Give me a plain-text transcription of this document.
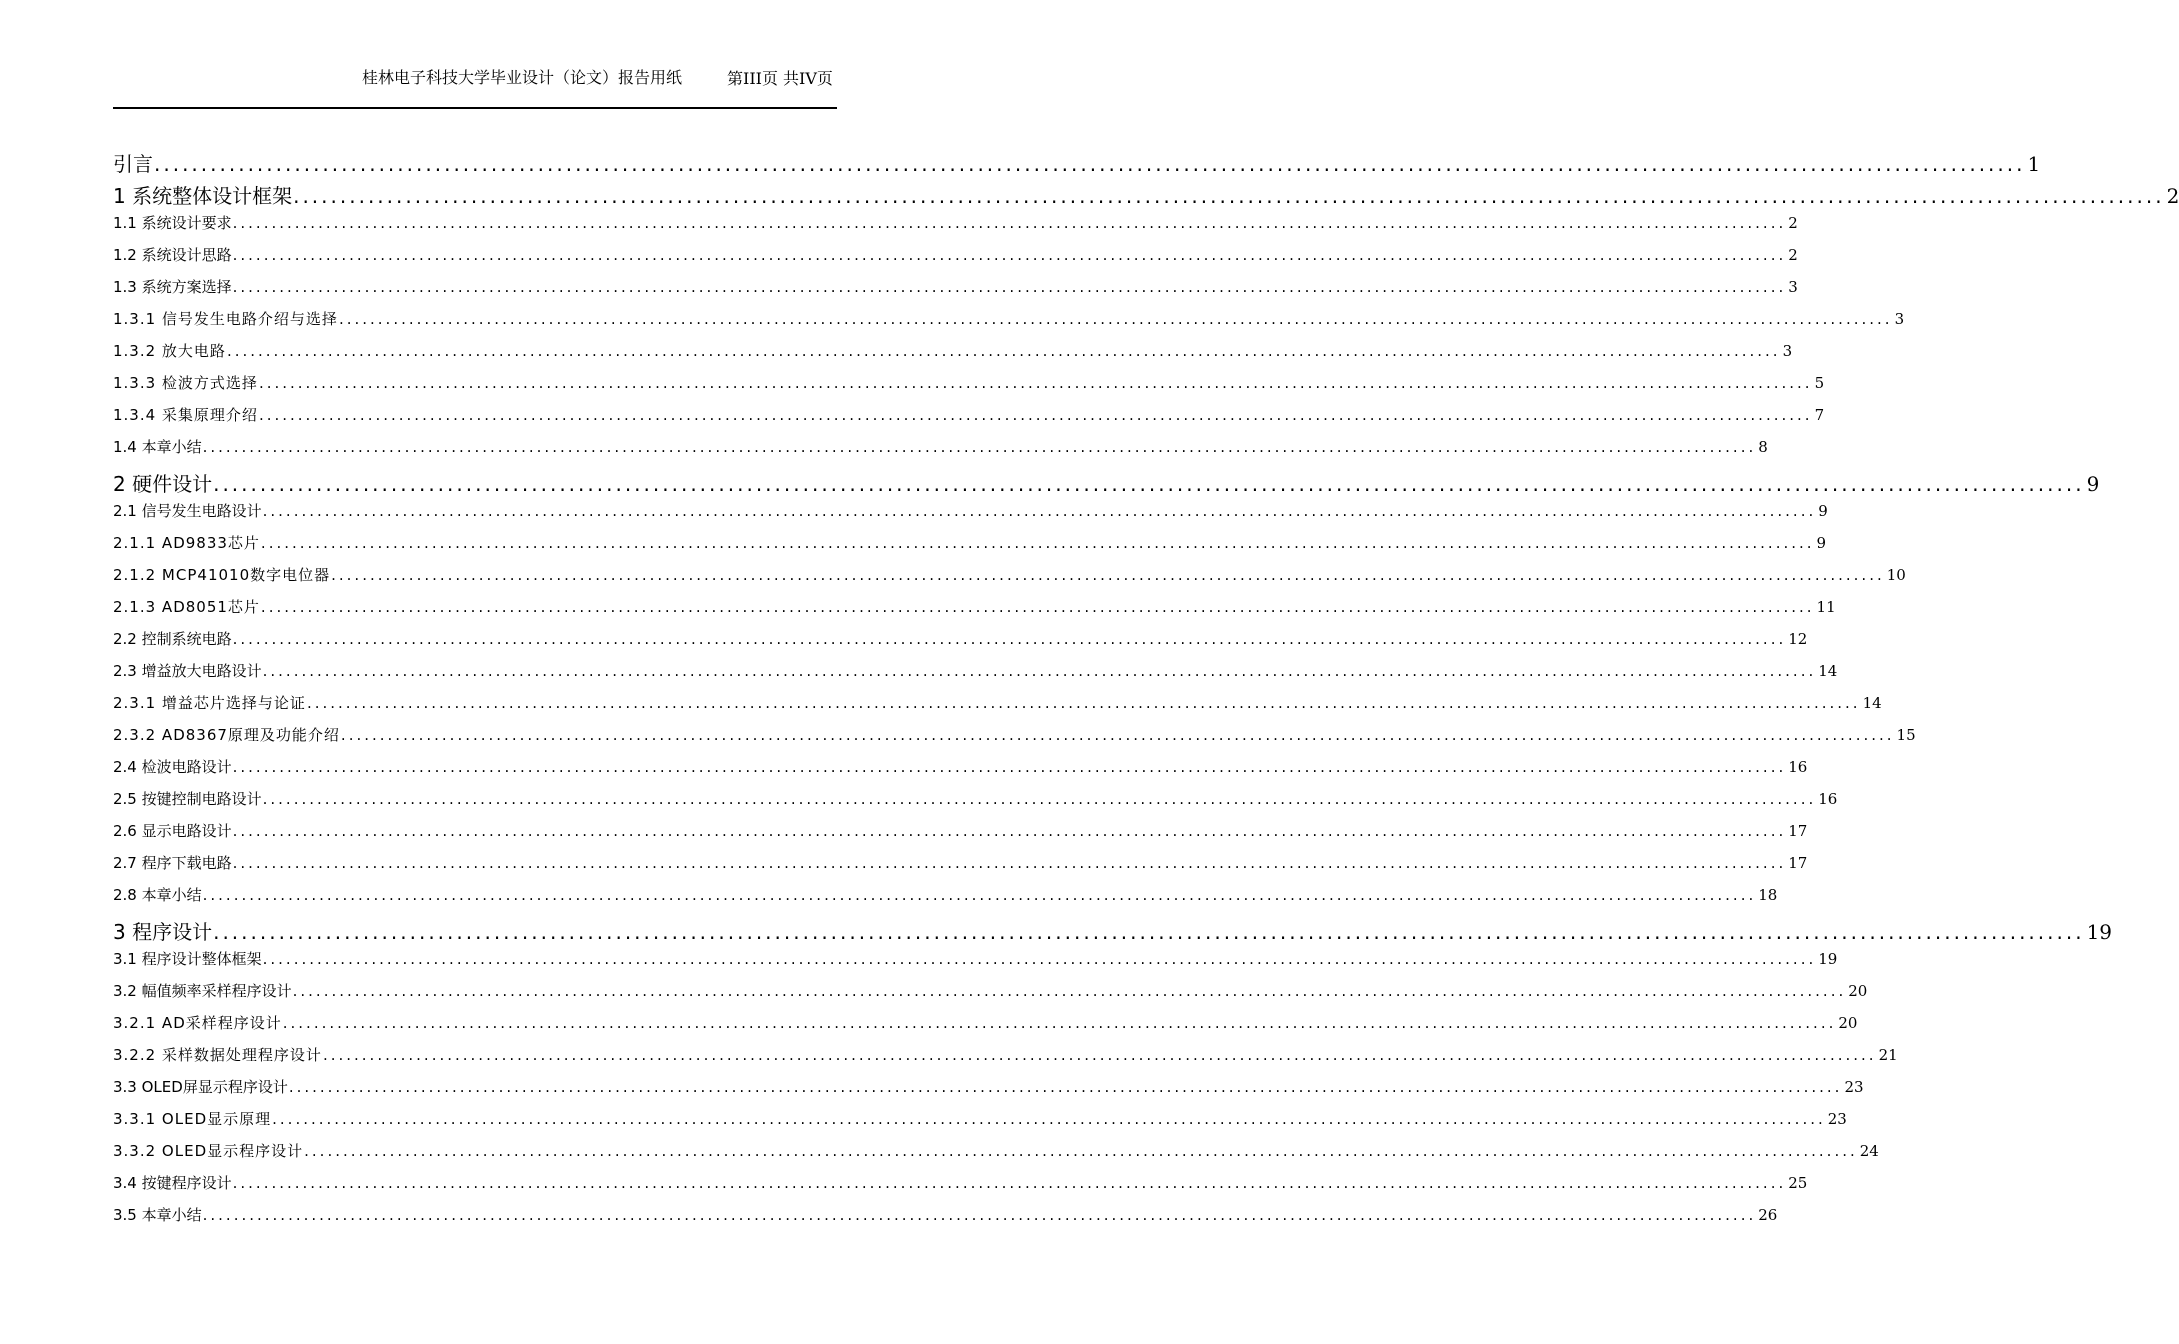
桂林电子科技大学毕业设计（论文）报告用纸	第III页 共IV页
引言 ........................................................................................................................................................................................................ 1
1 系统整体设计框架 ........................................................................................................................................................................................................ 2
1.1 系统设计要求 ........................................................................................................................................................................................................ 2
1.2 系统设计思路 ........................................................................................................................................................................................................ 2
1.3 系统方案选择 ........................................................................................................................................................................................................ 3
1.3.1 信号发生电路介绍与选择 ........................................................................................................................................................................................................ 3
1.3.2 放大电路 ........................................................................................................................................................................................................ 3
1.3.3 检波方式选择 ........................................................................................................................................................................................................ 5
1.3.4 采集原理介绍 ........................................................................................................................................................................................................ 7
1.4 本章小结 ........................................................................................................................................................................................................ 8
2 硬件设计 ........................................................................................................................................................................................................ 9
2.1 信号发生电路设计 ........................................................................................................................................................................................................ 9
2.1.1 AD9833芯片 ........................................................................................................................................................................................................ 9
2.1.2 MCP41010数字电位器 ........................................................................................................................................................................................................ 10
2.1.3 AD8051芯片 ........................................................................................................................................................................................................ 11
2.2 控制系统电路 ........................................................................................................................................................................................................ 12
2.3 增益放大电路设计 ........................................................................................................................................................................................................ 14
2.3.1 增益芯片选择与论证 ........................................................................................................................................................................................................ 14
2.3.2 AD8367原理及功能介绍 ........................................................................................................................................................................................................ 15
2.4 检波电路设计 ........................................................................................................................................................................................................ 16
2.5 按键控制电路设计 ........................................................................................................................................................................................................ 16
2.6 显示电路设计 ........................................................................................................................................................................................................ 17
2.7 程序下载电路 ........................................................................................................................................................................................................ 17
2.8 本章小结 ........................................................................................................................................................................................................ 18
3 程序设计 ........................................................................................................................................................................................................ 19
3.1 程序设计整体框架 ........................................................................................................................................................................................................ 19
3.2 幅值频率采样程序设计 ........................................................................................................................................................................................................ 20
3.2.1 AD采样程序设计 ........................................................................................................................................................................................................ 20
3.2.2 采样数据处理程序设计 ........................................................................................................................................................................................................ 21
3.3 OLED屏显示程序设计 ........................................................................................................................................................................................................ 23
3.3.1 OLED显示原理 ........................................................................................................................................................................................................ 23
3.3.2 OLED显示程序设计 ........................................................................................................................................................................................................ 24
3.4 按键程序设计 ........................................................................................................................................................................................................ 25
3.5 本章小结 ........................................................................................................................................................................................................ 26
